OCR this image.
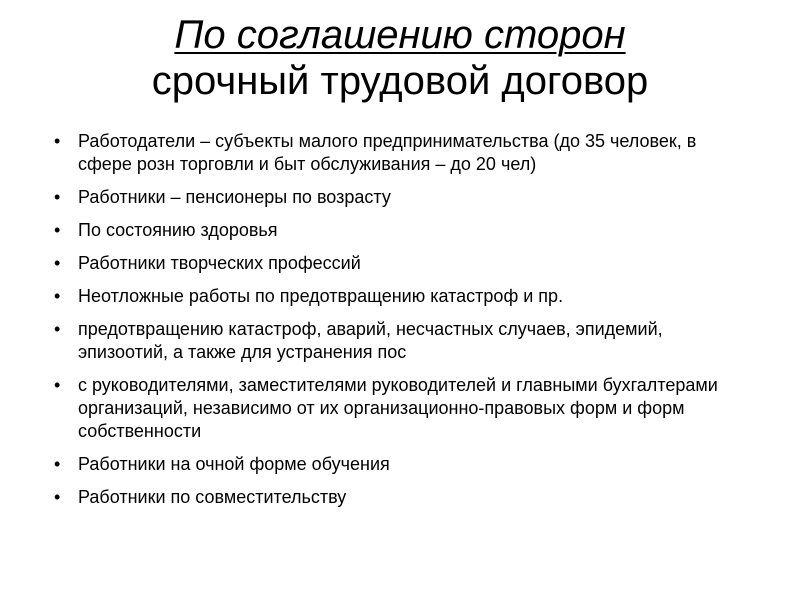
По соглашению сторон
срочный трудовой договор
• Работодатели – субъекты малого предпринимательства (до 35 человек, в сфере розн торговли и быт обслуживания – до 20 чел)
• Работники – пенсионеры по возрасту
• По состоянию здоровья
• Работники творческих профессий
• Неотложные работы по предотвращению катастроф и пр.
• предотвращению катастроф, аварий, несчастных случаев, эпидемий, эпизоотий, а также для устранения пос
• с руководителями, заместителями руководителей и главными бухгалтерами организаций, независимо от их организационно-правовых форм и форм собственности
• Работники на очной форме обучения
• Работники по совместительству
